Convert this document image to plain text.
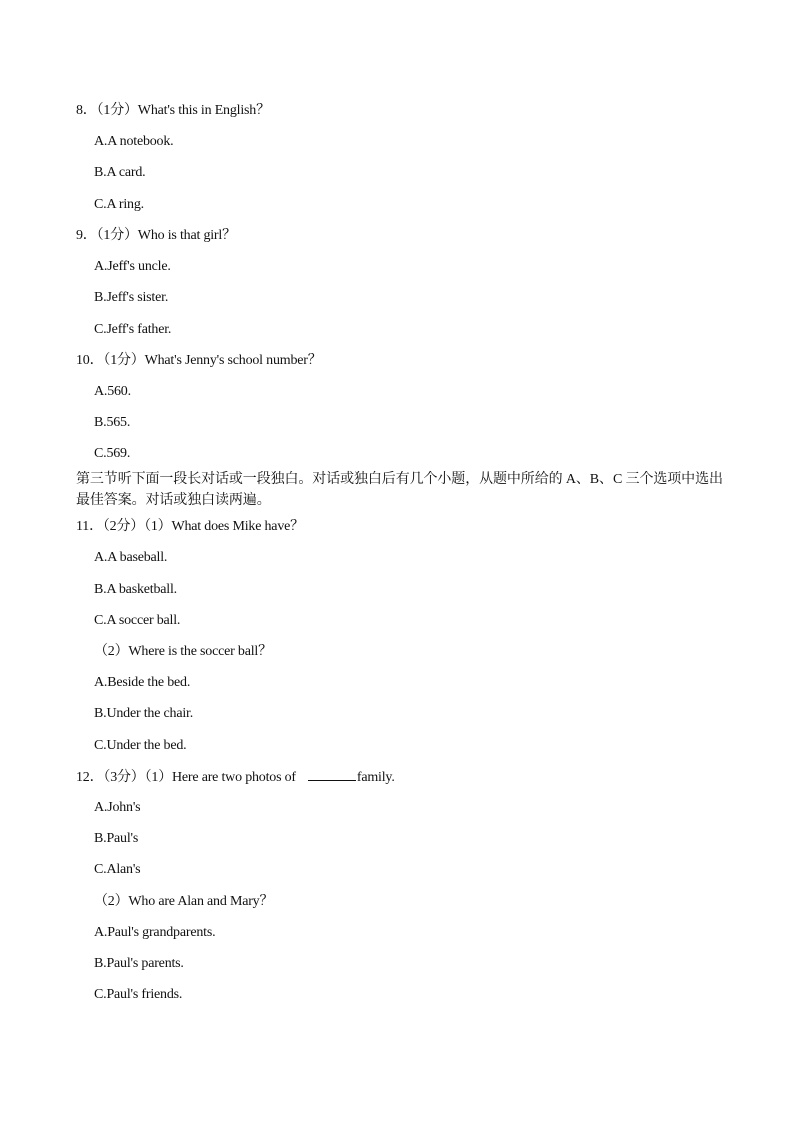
8．（1分）What's this in English？
A.A notebook.
B.A card.
C.A ring.
9．（1分）Who is that girl？
A.Jeff's uncle.
B.Jeff's sister.
C.Jeff's father.
10．（1分）What's Jenny's school number？
A.560.
B.565.
C.569.
第三节听下面一段长对话或一段独白。对话或独白后有几个小题，从题中所给的 A、B、C 三个选项中选出最佳答案。对话或独白读两遍。
11．（2分）（1）What does Mike have？
A.A baseball.
B.A basketball.
C.A soccer ball.
（2）Where is the soccer ball？
A.Beside the bed.
B.Under the chair.
C.Under the bed.
12．（3分）（1）Here are two photos of	family.
A.John's
B.Paul's
C.Alan's
（2）Who are Alan and Mary？
A.Paul's grandparents.
B.Paul's parents.
C.Paul's friends.
